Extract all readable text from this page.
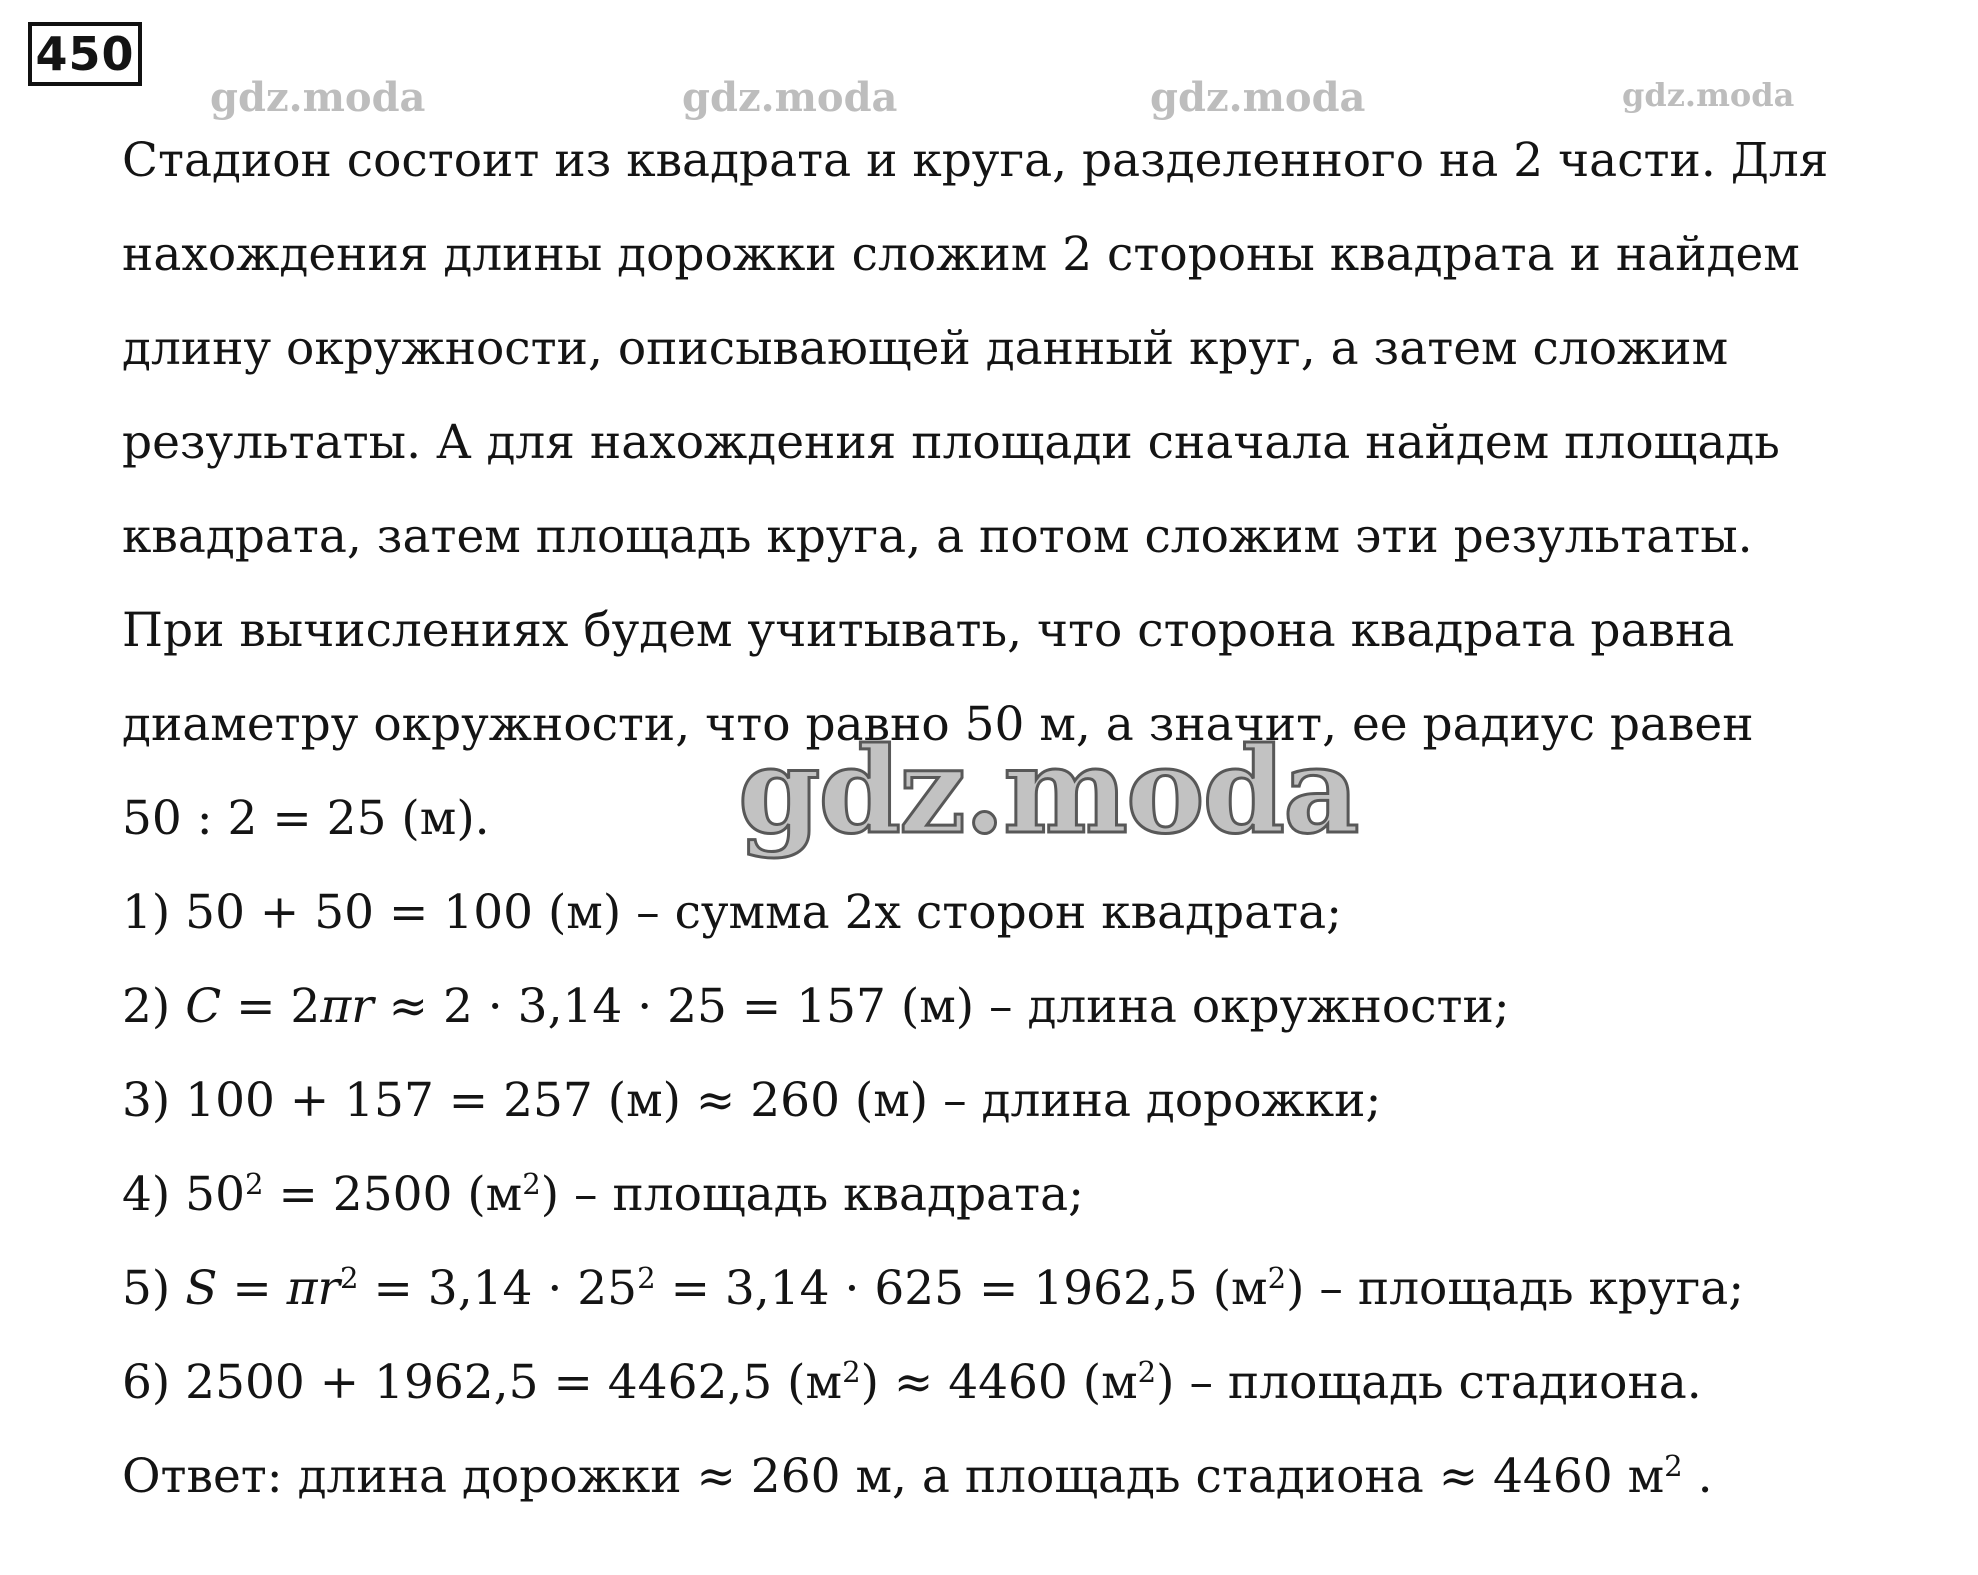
450
gdz.moda	gdz.moda	gdz.moda	gdz.moda
Стадион состоит из квадрата и круга, разделенного на 2 части. Для
нахождения длины дорожки сложим 2 стороны квадрата и найдем
длину окружности, описывающей данный круг, а затем сложим
результаты. А для нахождения площади сначала найдем площадь
квадрата, затем площадь круга, а потом сложим эти результаты.
При вычислениях будем учитывать, что сторона квадрата равна
диаметру окружности, что равно 50 м, а значит, ее радиус равен
50 : 2 = 25 (м).
1) 50 + 50 = 100 (м) – сумма 2х сторон квадрата;
2) C = 2πr ≈ 2 · 3,14 · 25 = 157 (м) – длина окружности;
3) 100 + 157 = 257 (м) ≈ 260 (м) – длина дорожки;
4) $50^2 = 2500$ $(м^2)$ – площадь квадрата;
5) $S = \pi r^2 = 3,14 \cdot 25^2 = 3,14 \cdot 625 = 1962,5$ $(м^2)$ – площадь круга;
6) 2500 + 1962,5 = 4462,5 $(м^2) \approx 4460$ $(м^2)$ – площадь стадиона.
Ответ: длина дорожки ≈ 260 м, а площадь стадиона ≈ 4460 $м^2$ .
gdz.moda
